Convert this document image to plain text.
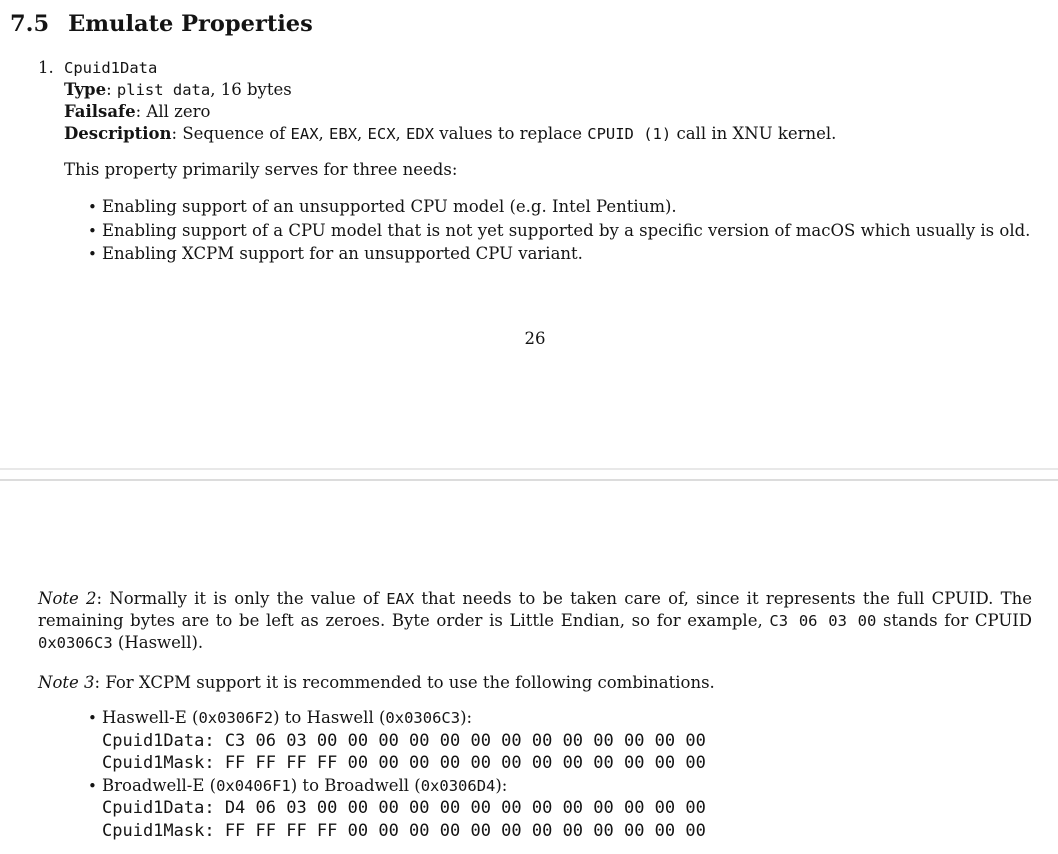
7.5 Emulate Properties
1. Cpuid1Data
Type: plist data, 16 bytes
Failsafe: All zero
Description: Sequence of EAX, EBX, ECX, EDX values to replace CPUID (1) call in XNU kernel.

This property primarily serves for three needs:

• Enabling support of an unsupported CPU model (e.g. Intel Pentium).
• Enabling support of a CPU model that is not yet supported by a specific version of macOS which usually is old.
• Enabling XCPM support for an unsupported CPU variant.

26

Note 2: Normally it is only the value of EAX that needs to be taken care of, since it represents the full CPUID. The remaining bytes are to be left as zeroes. Byte order is Little Endian, so for example, C3 06 03 00 stands for CPUID 0x0306C3 (Haswell).

Note 3: For XCPM support it is recommended to use the following combinations.

• Haswell-E (0x0306F2) to Haswell (0x0306C3):
Cpuid1Data: C3 06 03 00 00 00 00 00 00 00 00 00 00 00 00 00
Cpuid1Mask: FF FF FF FF 00 00 00 00 00 00 00 00 00 00 00 00
• Broadwell-E (0x0406F1) to Broadwell (0x0306D4):
Cpuid1Data: D4 06 03 00 00 00 00 00 00 00 00 00 00 00 00 00
Cpuid1Mask: FF FF FF FF 00 00 00 00 00 00 00 00 00 00 00 00
